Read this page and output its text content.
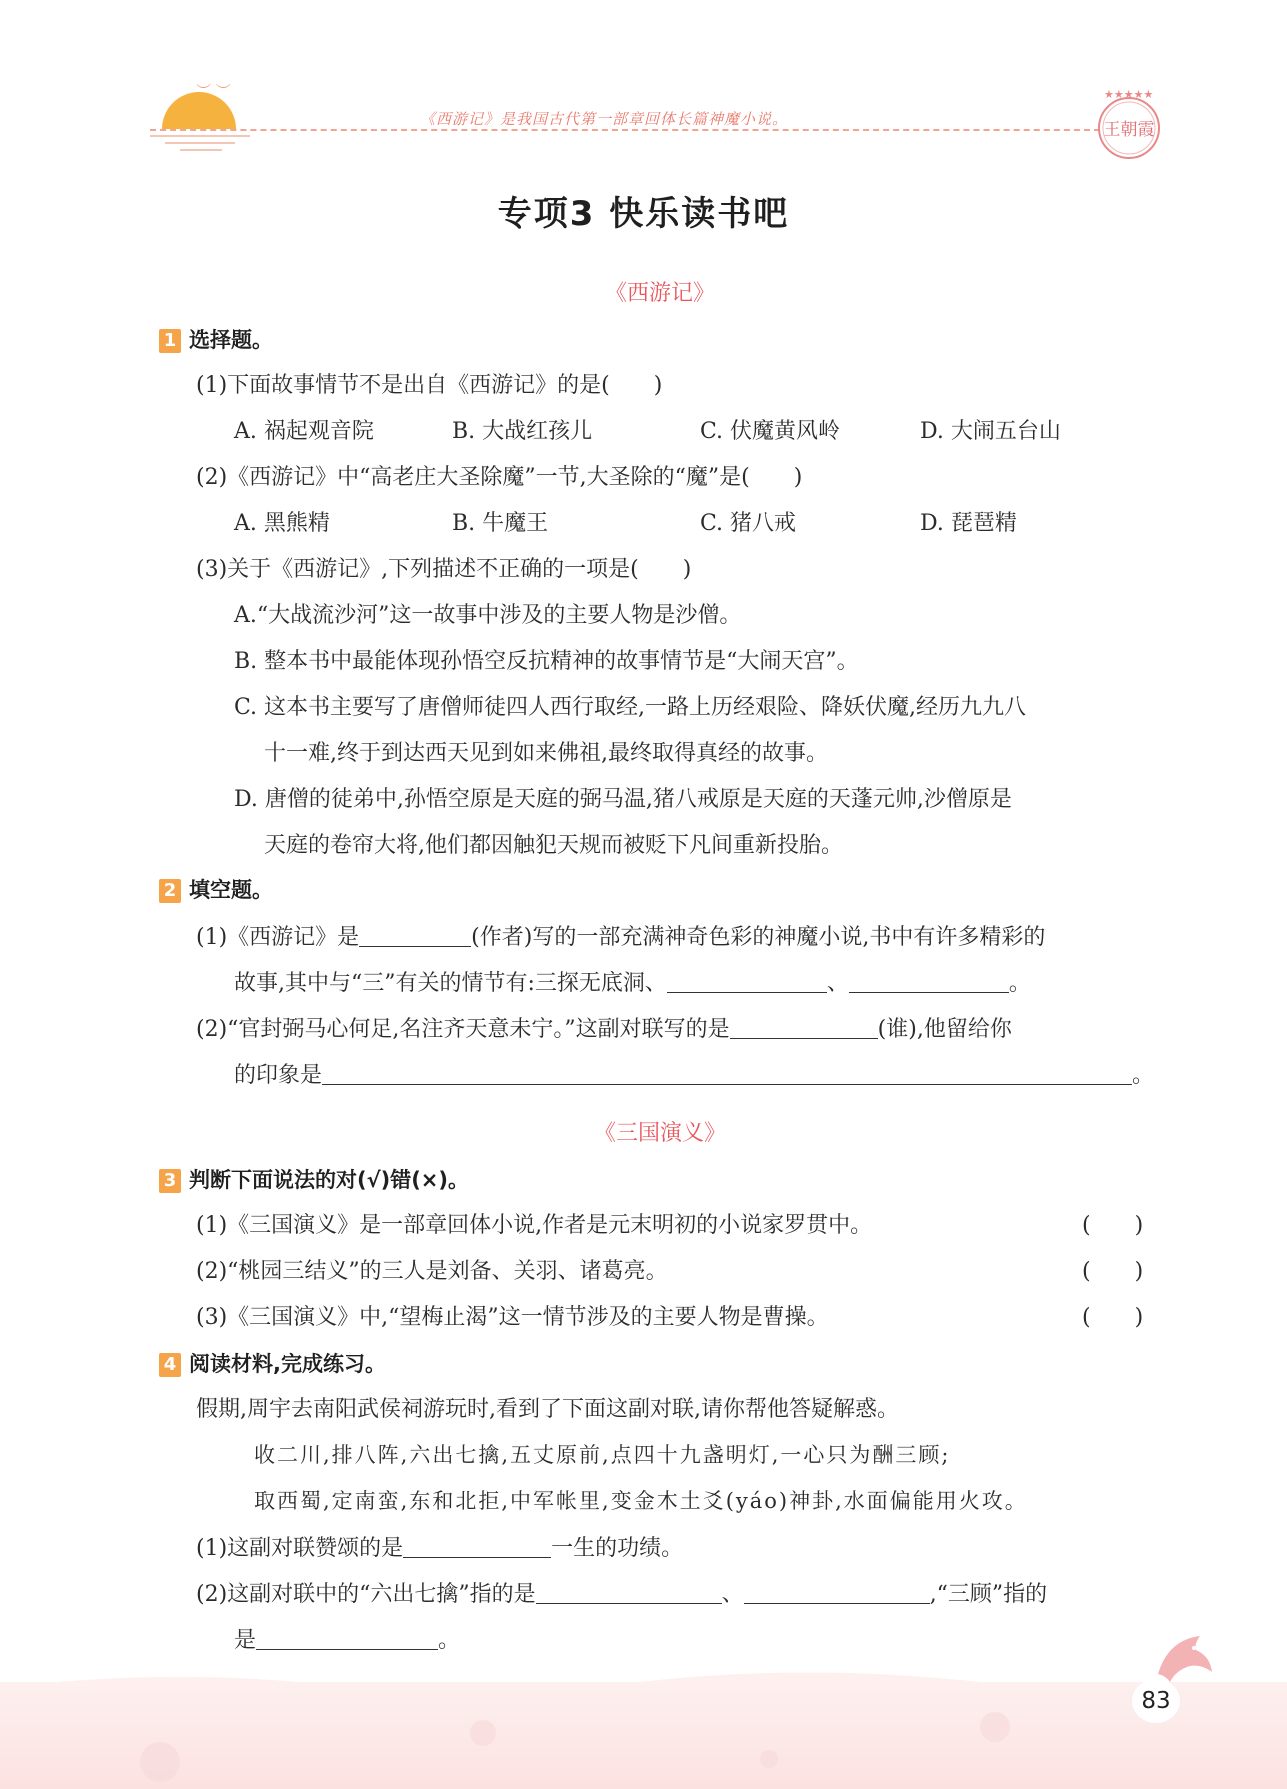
︶ ︶
《西游记》是我国古代第一部章回体长篇神魔小说。
★★★★★
王朝霞
专项3 快乐读书吧
《西游记》
1 选择题。
(1)下面故事情节不是出自《西游记》的是(　　)
A. 祸起观音院	B. 大战红孩儿	C. 伏魔黄风岭	D. 大闹五台山
(2)《西游记》中“高老庄大圣除魔”一节,大圣除的“魔”是(　　)
A. 黑熊精	B. 牛魔王	C. 猪八戒	D. 琵琶精
(3)关于《西游记》,下列描述不正确的一项是(　　)
A.“大战流沙河”这一故事中涉及的主要人物是沙僧。
B. 整本书中最能体现孙悟空反抗精神的故事情节是“大闹天宫”。
C. 这本书主要写了唐僧师徒四人西行取经,一路上历经艰险、降妖伏魔,经历九九八
十一难,终于到达西天见到如来佛祖,最终取得真经的故事。
D. 唐僧的徒弟中,孙悟空原是天庭的弼马温,猪八戒原是天庭的天蓬元帅,沙僧原是
天庭的卷帘大将,他们都因触犯天规而被贬下凡间重新投胎。
2 填空题。
(1)《西游记》是	(作者)写的一部充满神奇色彩的神魔小说,书中有许多精彩的
故事,其中与“三”有关的情节有:三探无底洞、	、	。
(2)“官封弼马心何足,名注齐天意未宁。”这副对联写的是	(谁),他留给你
的印象是	。
《三国演义》
3 判断下面说法的对(√)错(×)。
(1)《三国演义》是一部章回体小说,作者是元末明初的小说家罗贯中。	(　　)
(2)“桃园三结义”的三人是刘备、关羽、诸葛亮。	(　　)
(3)《三国演义》中,“望梅止渴”这一情节涉及的主要人物是曹操。	(　　)
4 阅读材料,完成练习。
假期,周宇去南阳武侯祠游玩时,看到了下面这副对联,请你帮他答疑解惑。
收二川,排八阵,六出七擒,五丈原前,点四十九盏明灯,一心只为酬三顾;
取西蜀,定南蛮,东和北拒,中军帐里,变金木土爻(yáo)神卦,水面偏能用火攻。
(1)这副对联赞颂的是	一生的功绩。
(2)这副对联中的“六出七擒”指的是	、	,“三顾”指的
是	。
83
